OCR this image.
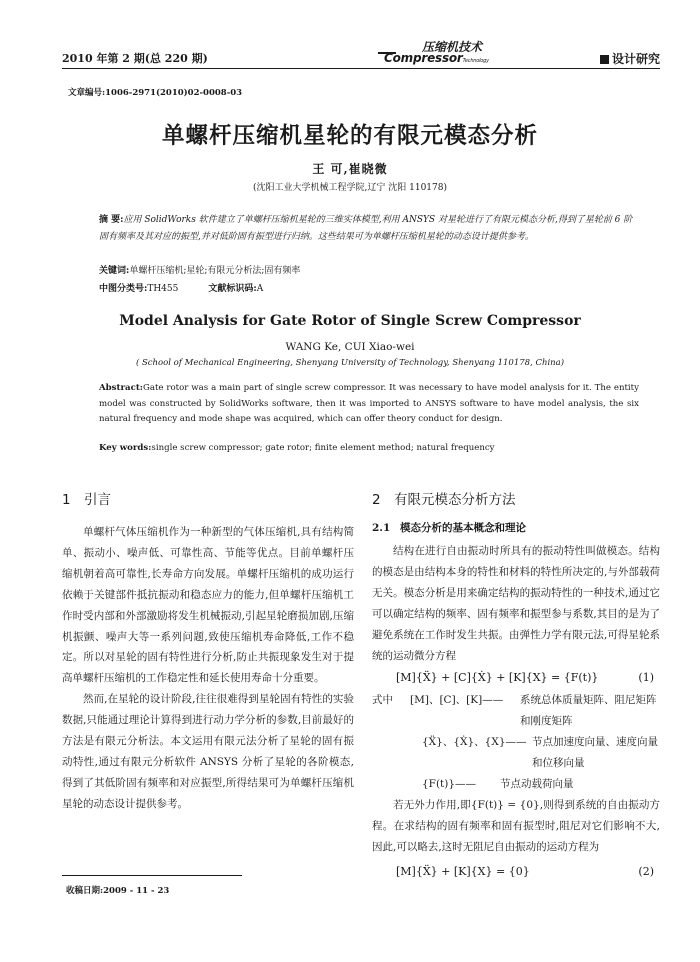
2010 年第 2 期(总 220 期)
压缩机技术
CompressorTechnology	设计研究
文章编号:1006-2971(2010)02-0008-03
单螺杆压缩机星轮的有限元模态分析
王 可,崔晓微
(沈阳工业大学机械工程学院,辽宁 沈阳 110178)
摘 要:应用 SolidWorks 软件建立了单螺杆压缩机星轮的三维实体模型,利用 ANSYS 对星轮进行了有限元模态分析,得到了星轮前 6 阶固有频率及其对应的振型,并对低阶固有振型进行归纳。这些结果可为单螺杆压缩机星轮的动态设计提供参考。
关键词:单螺杆压缩机;星轮;有限元分析法;固有频率
中图分类号:TH455	文献标识码:A
Model Analysis for Gate Rotor of Single Screw Compressor
WANG Ke, CUI Xiao-wei
( School of Mechanical Engineering, Shenyang University of Technology, Shenyang 110178, China)
Abstract:Gate rotor was a main part of single screw compressor. It was necessary to have model analysis for it. The entity model was constructed by SolidWorks software, then it was imported to ANSYS software to have model analysis, the six natural frequency and mode shape was acquired, which can offer theory conduct for design.
Key words:single screw compressor; gate rotor; finite element method; natural frequency
1 引言

单螺杆气体压缩机作为一种新型的气体压缩机,具有结构简单、振动小、噪声低、可靠性高、节能等优点。目前单螺杆压缩机朝着高可靠性,长寿命方向发展。单螺杆压缩机的成功运行依赖于关键部件抵抗振动和稳态应力的能力,但单螺杆压缩机工作时受内部和外部激励将发生机械振动,引起星轮磨损加剧,压缩机振颤、噪声大等一系列问题,致使压缩机寿命降低,工作不稳定。所以对星轮的固有特性进行分析,防止共振现象发生对于提高单螺杆压缩机的工作稳定性和延长使用寿命十分重要。

然而,在星轮的设计阶段,往往很难得到星轮固有特性的实验数据,只能通过理论计算得到进行动力学分析的参数,目前最好的方法是有限元分析法。本文运用有限元法分析了星轮的固有振动特性,通过有限元分析软件 ANSYS 分析了星轮的各阶模态,得到了其低阶固有频率和对应振型,所得结果可为单螺杆压缩机星轮的动态设计提供参考。

2 有限元模态分析方法
2.1 模态分析的基本概念和理论

结构在进行自由振动时所具有的振动特性叫做模态。结构的模态是由结构本身的特性和材料的特性所决定的,与外部载荷无关。模态分析是用来确定结构的振动特性的一种技术,通过它可以确定结构的频率、固有频率和振型参与系数,其目的是为了避免系统在工作时发生共振。由弹性力学有限元法,可得星轮系统的运动微分方程

[M]{Ẍ} + [C]{Ẋ} + [K]{X} = {F(t)}	(1)
式中 [M]、[C]、[K]—— 系统总体质量矩阵、阻尼矩阵和刚度矩阵
{Ẍ}、{Ẋ}、{X}—— 节点加速度向量、速度向量和位移向量
{F(t)}—— 节点动载荷向量

若无外力作用,即{F(t)} = {0},则得到系统的自由振动方程。在求结构的固有频率和固有振型时,阻尼对它们影响不大,因此,可以略去,这时无阻尼自由振动的运动方程为

[M]{Ẍ} + [K]{X} = {0}	(2)
收稿日期:2009 - 11 - 23
